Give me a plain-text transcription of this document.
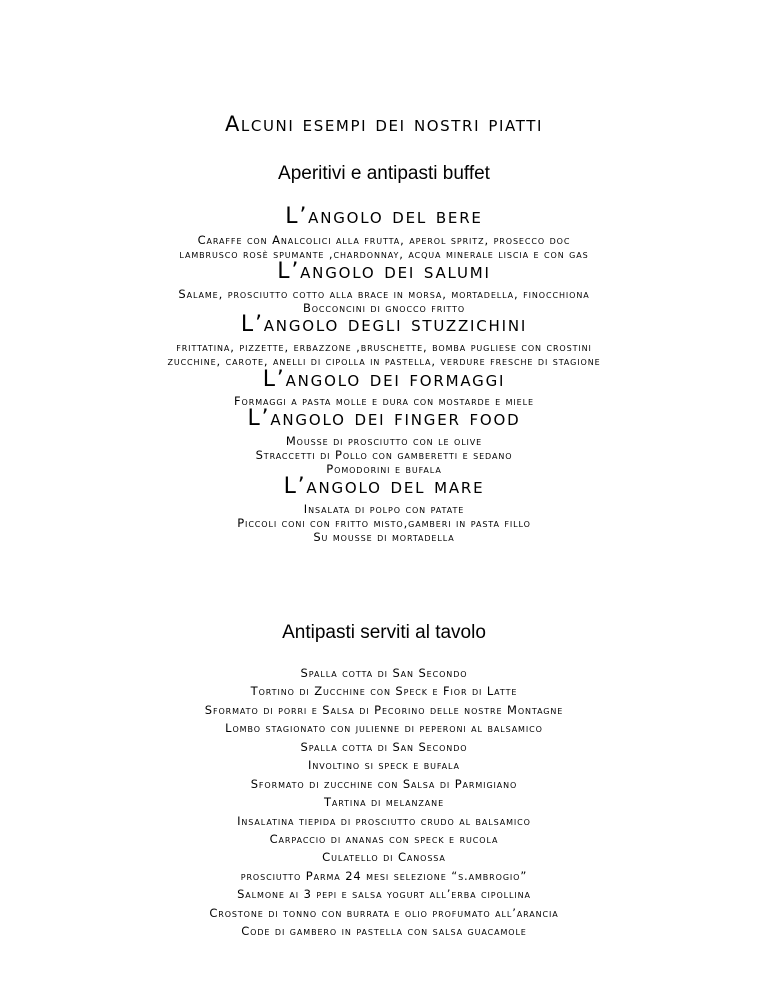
Alcuni esempi dei nostri piatti
Aperitivi e antipasti buffet
L’angolo del bere
Caraffe con Analcolici alla frutta, aperol spritz, prosecco doc
lambrusco rosè spumante ,chardonnay, acqua minerale liscia e con gas
L’angolo dei salumi
Salame, prosciutto cotto alla brace in morsa, mortadella, finocchiona
Bocconcini di gnocco fritto
L’angolo degli stuzzichini
frittatina, pizzette, erbazzone ,bruschette, bomba pugliese con crostini
zucchine, carote, anelli di cipolla in pastella, verdure fresche di stagione
L’angolo dei formaggi
Formaggi a pasta molle e dura con mostarde e miele
L’angolo dei finger food
Mousse di prosciutto con le olive
Straccetti di Pollo con gamberetti e sedano
Pomodorini e bufala
L’angolo del mare
Insalata di polpo con patate
Piccoli coni con fritto misto,gamberi in pasta fillo
Su mousse di mortadella
Antipasti serviti al tavolo
Spalla cotta di San Secondo
Tortino di Zucchine con Speck e Fior di Latte
Sformato di porri e Salsa di Pecorino delle nostre Montagne
Lombo stagionato con julienne di peperoni al balsamico
Spalla cotta di San Secondo
Involtino si speck e bufala
Sformato di zucchine con Salsa di Parmigiano
Tartina di melanzane
Insalatina tiepida di prosciutto crudo al balsamico
Carpaccio di ananas con speck e rucola
Culatello di Canossa
prosciutto Parma 24 mesi selezione “s.ambrogio”
Salmone ai 3 pepi e salsa yogurt all’erba cipollina
Crostone di tonno con burrata e olio profumato all’arancia
Code di gambero in pastella con salsa guacamole
